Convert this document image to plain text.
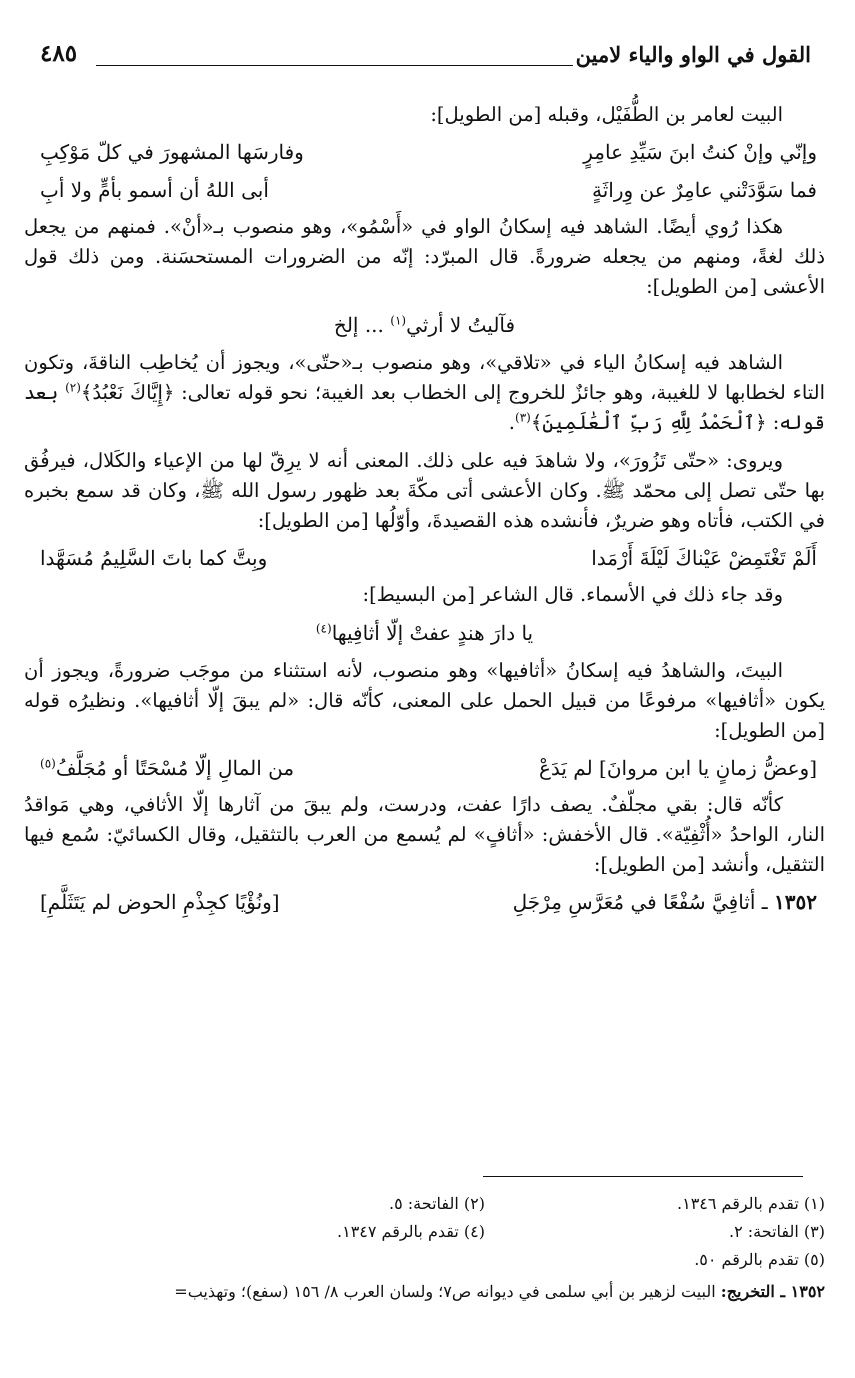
القول في الواو والياء لامين
٤٨٥

البيت لعامر بن الطُّفَيْل، وقبله [من الطويل]:

وإنّي وإنْ كنتُ ابنَ سَيِّدِ عامِرٍ
وفارسَها المشهورَ في كلّ مَوْكِبِ
فما سَوَّدَتْني عامِرٌ عن وِراثَةٍ
أبى اللهُ أن أسمو بأمٍّ ولا أبِ

هكذا رُوي أيضًا. الشاهد فيه إسكانُ الواو في «أَسْمُو»، وهو منصوب بـ«أنْ». فمنهم من يجعل ذلك لغةً، ومنهم من يجعله ضرورةً. قال المبرّد: إنّه من الضرورات المستحسَنة. ومن ذلك قول الأعشى [من الطويل]:

فآليتُ لا أرثي$^{(١)}$ ... إلخ

الشاهد فيه إسكانُ الياء في «تلاقي»، وهو منصوب بـ«حتّى»، ويجوز أن يُخاطِب الناقةَ، وتكون التاء لخطابها لا للغيبة، وهو جائزٌ للخروج إلى الخطاب بعد الغيبة؛ نحو قوله تعالى: ﴿إِيَّاكَ نَعْبُدُ﴾$^{(٢)}$ بعد قوله: ﴿ٱلْحَمْدُ لِلَّهِ رَبِّ ٱلْعَٰلَمِينَ﴾$^{(٣)}$.

ويروى: «حتّى تَزُورَ»، ولا شاهدَ فيه على ذلك. المعنى أنه لا يرِقّ لها من الإعياء والكَلال، فيرفُق بها حتّى تصل إلى محمّد ﷺ. وكان الأعشى أتى مكّةَ بعد ظهور رسول الله ﷺ، وكان قد سمع بخبره في الكتب، فأتاه وهو ضريرٌ، فأنشده هذه القصيدةَ، وأوّلُها [من الطويل]:

أَلَمْ تَغْتَمِضْ عَيْناكَ لَيْلَةَ أَرْمَدا
وبِتَّ كما باتَ السَّلِيمُ مُسَهَّدا

وقد جاء ذلك في الأسماء. قال الشاعر [من البسيط]:

يا دارَ هندٍ عفتْ إلّا أثافِيها$^{(٤)}$

البيتَ، والشاهدُ فيه إسكانُ «أثافيها» وهو منصوب، لأنه استثناء من موجَب ضرورةً، ويجوز أن يكون «أثافيها» مرفوعًا من قبيل الحمل على المعنى، كأنّه قال: «لم يبقَ إلّا أثافيها». ونظيرُه قوله [من الطويل]:

[وعضُّ زمانٍ يا ابن مروانَ] لم يَدَعْ
من المالِ إلّا مُسْحَتًا أو مُجَلَّفُ$^{(٥)}$

كأنّه قال: بقي مجلّفٌ. يصف دارًا عفت، ودرست، ولم يبقَ من آثارها إلّا الأثافي، وهي مَواقدُ النار، الواحدُ «أُثْفِيّة». قال الأخفش: «أثافٍ» لم يُسمع من العرب بالتثقيل، وقال الكسائيّ: سُمع فيها التثقيل، وأنشد [من الطويل]:

١٣٥٢ ـ أثافِيَّ سُفْعًا في مُعَرَّسِ مِرْجَلِ
[ونُؤْيًا كجِذْمِ الحوض لم يَتَثَلَّمِ]
(١) تقدم بالرقم ١٣٤٦.
(٢) الفاتحة: ٥.
(٣) الفاتحة: ٢.
(٤) تقدم بالرقم ١٣٤٧.
(٥) تقدم بالرقم ٥٠.
١٣٥٢ ـ التخريج: البيت لزهير بن أبي سلمى في ديوانه ص٧؛ ولسان العرب ٨/ ١٥٦ (سفع)؛ وتهذيب=
